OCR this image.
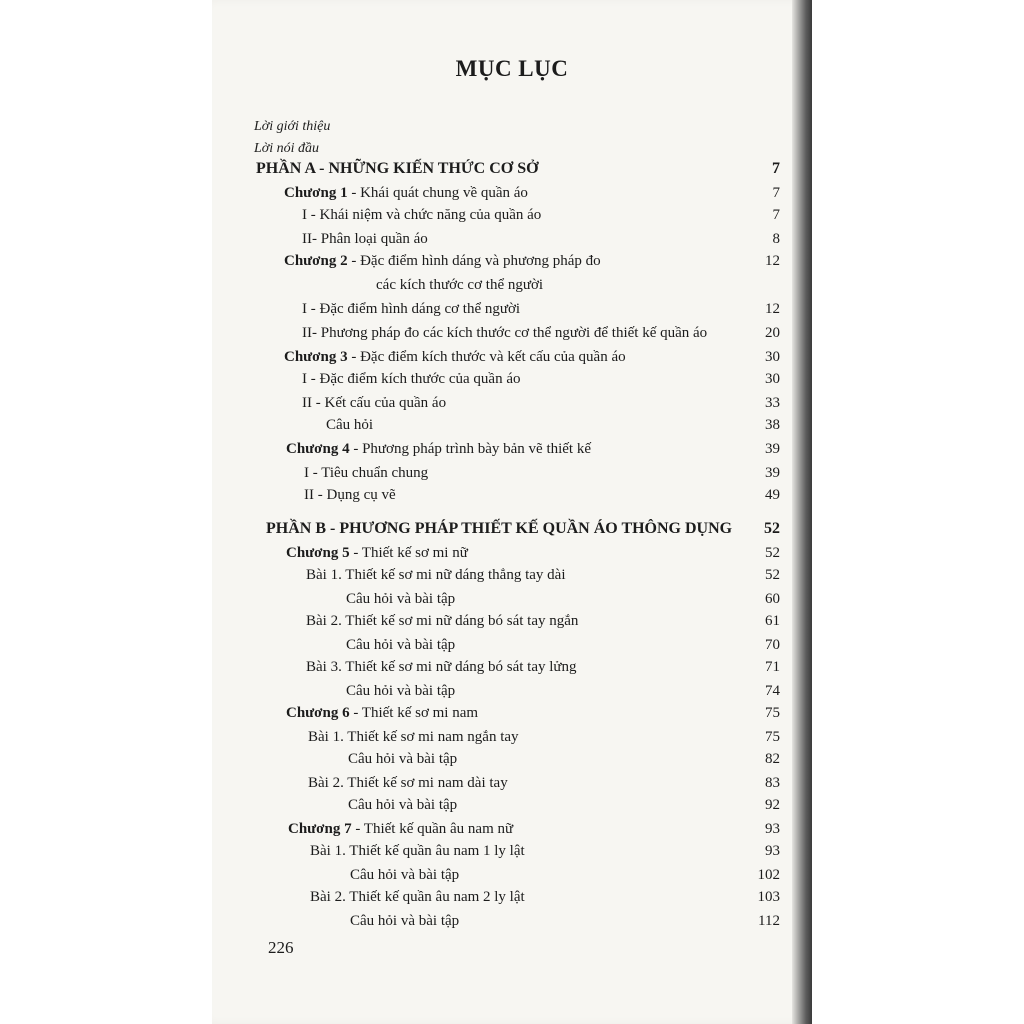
MỤC LỤC
Lời giới thiệu
Lời nói đầu
PHẦN A - NHỮNG KIẾN THỨC CƠ SỞ	7
Chương 1 - Khái quát chung về quần áo	7
I - Khái niệm và chức năng của quần áo	7
II- Phân loại quần áo	8
Chương 2 - Đặc điểm hình dáng và phương pháp đo	12
các kích thước cơ thể người
I - Đặc điểm hình dáng cơ thể người	12
II- Phương pháp đo các kích thước cơ thể người để thiết kế quần áo	20
Chương 3 - Đặc điểm kích thước và kết cấu của quần áo	30
I - Đặc điểm kích thước của quần áo	30
II - Kết cấu của quần áo	33
Câu hỏi	38
Chương 4 - Phương pháp trình bày bản vẽ thiết kế	39
I - Tiêu chuẩn chung	39
II - Dụng cụ vẽ	49
PHẦN B - PHƯƠNG PHÁP THIẾT KẾ QUẦN ÁO THÔNG DỤNG 52
Chương 5 - Thiết kế sơ mi nữ	52
Bài 1. Thiết kế sơ mi nữ dáng thẳng tay dài	52
Câu hỏi và bài tập	60
Bài 2. Thiết kế sơ mi nữ dáng bó sát tay ngắn	61
Câu hỏi và bài tập	70
Bài 3. Thiết kế sơ mi nữ dáng bó sát tay lửng	71
Câu hỏi và bài tập	74
Chương 6 - Thiết kế sơ mi nam	75
Bài 1. Thiết kế sơ mi nam ngắn tay	75
Câu hỏi và bài tập	82
Bài 2. Thiết kế sơ mi nam dài tay	83
Câu hỏi và bài tập	92
Chương 7 - Thiết kế quần âu nam nữ	93
Bài 1. Thiết kế quần âu nam 1 ly lật	93
Câu hỏi và bài tập	102
Bài 2. Thiết kế quần âu nam 2 ly lật	103
Câu hỏi và bài tập	112
226
